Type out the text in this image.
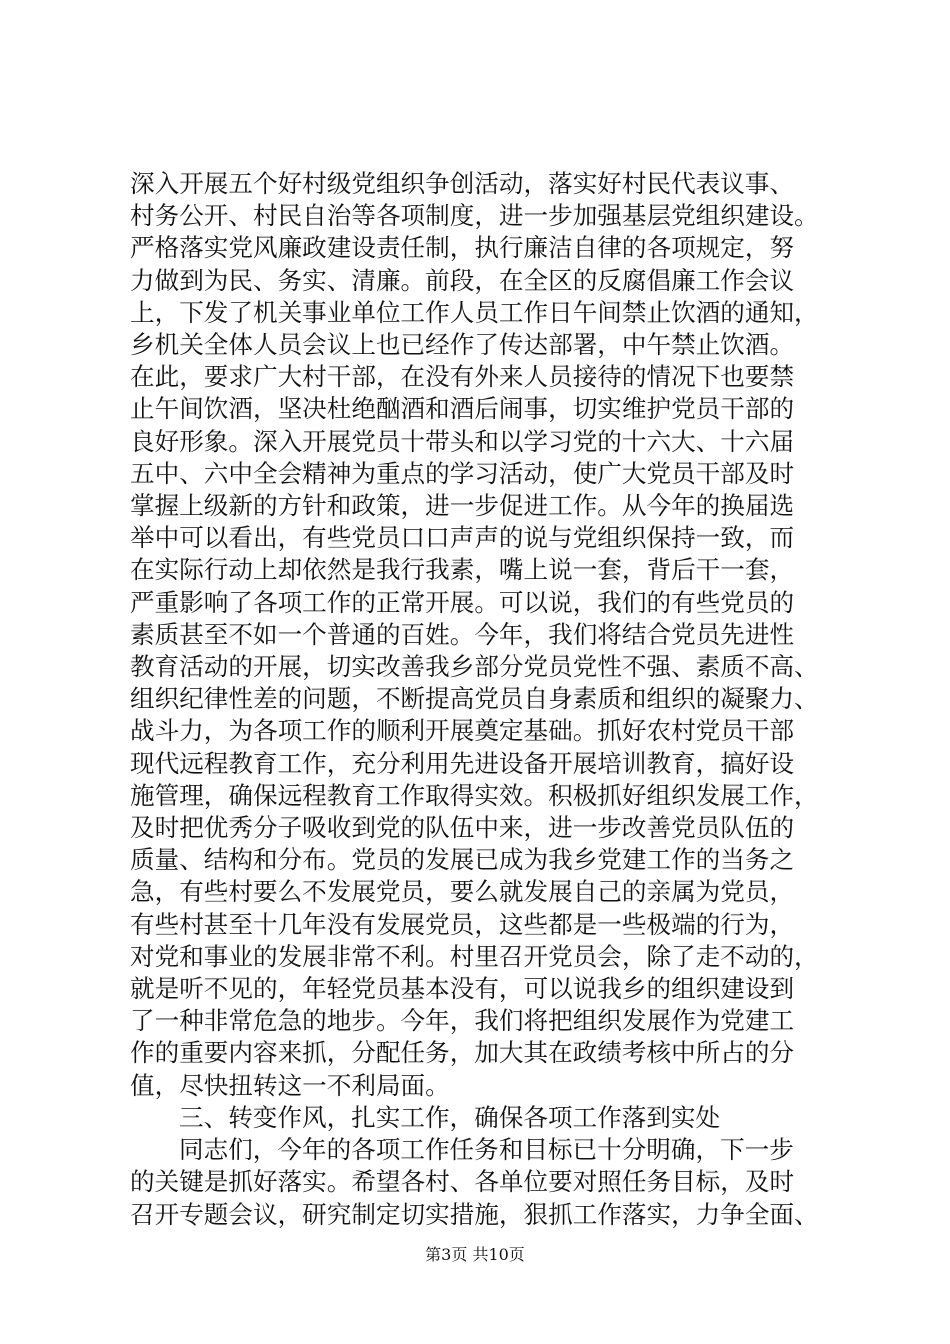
深入开展五个好村级党组织争创活动，落实好村民代表议事、
村务公开、村民自治等各项制度，进一步加强基层党组织建设。
严格落实党风廉政建设责任制，执行廉洁自律的各项规定，努
力做到为民、务实、清廉。前段，在全区的反腐倡廉工作会议
上，下发了机关事业单位工作人员工作日午间禁止饮酒的通知，
乡机关全体人员会议上也已经作了传达部署，中午禁止饮酒。
在此，要求广大村干部，在没有外来人员接待的情况下也要禁
止午间饮酒，坚决杜绝酗酒和酒后闹事，切实维护党员干部的
良好形象。深入开展党员十带头和以学习党的十六大、十六届
五中、六中全会精神为重点的学习活动，使广大党员干部及时
掌握上级新的方针和政策，进一步促进工作。从今年的换届选
举中可以看出，有些党员口口声声的说与党组织保持一致，而
在实际行动上却依然是我行我素，嘴上说一套，背后干一套，
严重影响了各项工作的正常开展。可以说，我们的有些党员的
素质甚至不如一个普通的百姓。今年，我们将结合党员先进性
教育活动的开展，切实改善我乡部分党员党性不强、素质不高、
组织纪律性差的问题，不断提高党员自身素质和组织的凝聚力、
战斗力，为各项工作的顺利开展奠定基础。抓好农村党员干部
现代远程教育工作，充分利用先进设备开展培训教育，搞好设
施管理，确保远程教育工作取得实效。积极抓好组织发展工作，
及时把优秀分子吸收到党的队伍中来，进一步改善党员队伍的
质量、结构和分布。党员的发展已成为我乡党建工作的当务之
急，有些村要么不发展党员，要么就发展自己的亲属为党员，
有些村甚至十几年没有发展党员，这些都是一些极端的行为，
对党和事业的发展非常不利。村里召开党员会，除了走不动的，
就是听不见的，年轻党员基本没有，可以说我乡的组织建设到
了一种非常危急的地步。今年，我们将把组织发展作为党建工
作的重要内容来抓，分配任务，加大其在政绩考核中所占的分
值，尽快扭转这一不利局面。
三、转变作风，扎实工作，确保各项工作落到实处
同志们，今年的各项工作任务和目标已十分明确，下一步
的关键是抓好落实。希望各村、各单位要对照任务目标，及时
召开专题会议，研究制定切实措施，狠抓工作落实，力争全面、
第3页 共10页
